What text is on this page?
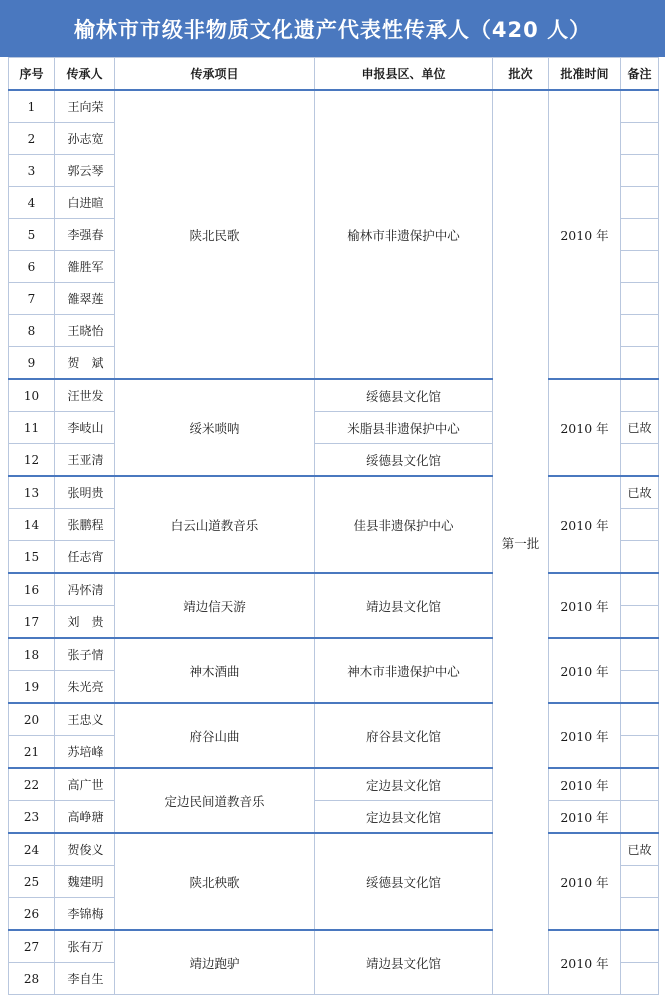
榆林市市级非物质文化遗产代表性传承人（420 人）
序号	传承人	传承项目	申报县区、单位	批次	批准时间	备注
1	王向荣	陕北民歌	榆林市非遗保护中心	第一批	2010 年	
2	孙志宽					
3	郭云琴					
4	白进暄					
5	李强春					
6	雒胜军					
7	雒翠莲					
8	王晓怡					
9	贺　斌					
10	汪世发	绥米唢呐	绥德县文化馆		2010 年	
11	李岐山		米脂县非遗保护中心			已故
12	王亚清		绥德县文化馆			
13	张明贵	白云山道教音乐	佳县非遗保护中心		2010 年	已故
14	张鹏程					
15	任志宵					
16	冯怀清	靖边信天游	靖边县文化馆		2010 年	
17	刘　贵					
18	张子情	神木酒曲	神木市非遗保护中心		2010 年	
19	朱光亮					
20	王忠义	府谷山曲	府谷县文化馆		2010 年	
21	苏培峰					
22	高广世	定边民间道教音乐	定边县文化馆		2010 年	
23	高峥瑭		定边县文化馆		2010 年	
24	贺俊义	陕北秧歌	绥德县文化馆		2010 年	已故
25	魏建明					
26	李锦梅					
27	张有万	靖边跑驴	靖边县文化馆		2010 年	
28	李自生					
